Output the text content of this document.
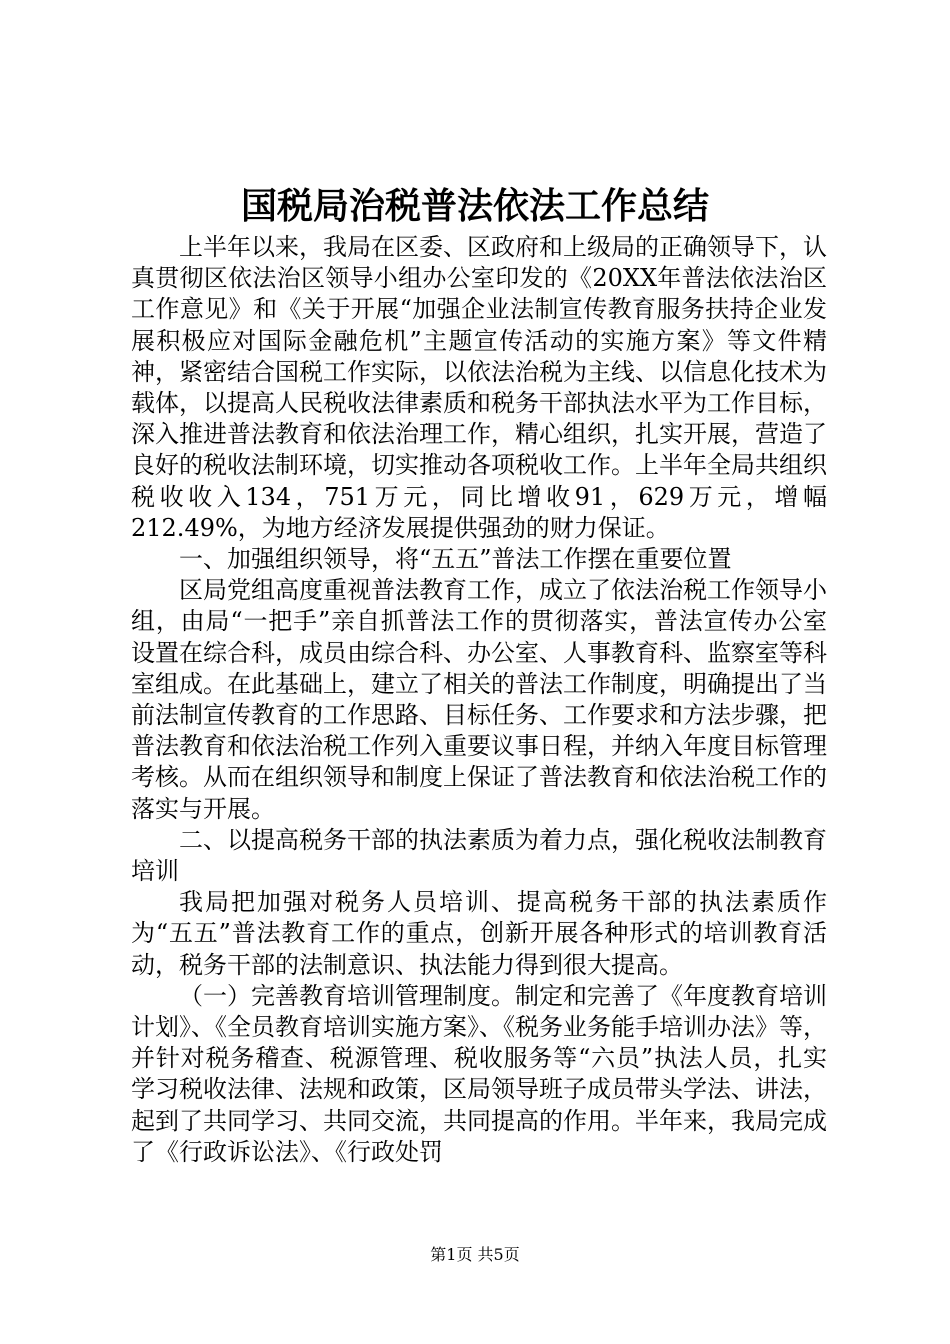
国税局治税普法依法工作总结

上半年以来，我局在区委、区政府和上级局的正确领导下，认真贯彻区依法治区领导小组办公室印发的《20XX年普法依法治区工作意见》和《关于开展“加强企业法制宣传教育服务扶持企业发展积极应对国际金融危机”主题宣传活动的实施方案》等文件精神，紧密结合国税工作实际，以依法治税为主线、以信息化技术为载体，以提高人民税收法律素质和税务干部执法水平为工作目标，深入推进普法教育和依法治理工作，精心组织，扎实开展，营造了良好的税收法制环境，切实推动各项税收工作。上半年全局共组织税收收入134，751万元，同比增收91，629万元，增幅212.49%，为地方经济发展提供强劲的财力保证。

一、加强组织领导，将“五五”普法工作摆在重要位置

区局党组高度重视普法教育工作，成立了依法治税工作领导小组，由局“一把手”亲自抓普法工作的贯彻落实，普法宣传办公室设置在综合科，成员由综合科、办公室、人事教育科、监察室等科室组成。在此基础上，建立了相关的普法工作制度，明确提出了当前法制宣传教育的工作思路、目标任务、工作要求和方法步骤，把普法教育和依法治税工作列入重要议事日程，并纳入年度目标管理考核。从而在组织领导和制度上保证了普法教育和依法治税工作的落实与开展。

二、以提高税务干部的执法素质为着力点，强化税收法制教育培训

我局把加强对税务人员培训、提高税务干部的执法素质作为“五五”普法教育工作的重点，创新开展各种形式的培训教育活动，税务干部的法制意识、执法能力得到很大提高。

（一）完善教育培训管理制度。制定和完善了《年度教育培训计划》、《全员教育培训实施方案》、《税务业务能手培训办法》等，并针对税务稽查、税源管理、税收服务等“六员”执法人员，扎实学习税收法律、法规和政策，区局领导班子成员带头学法、讲法，起到了共同学习、共同交流，共同提高的作用。半年来，我局完成了《行政诉讼法》、《行政处罚

第1页 共5页
